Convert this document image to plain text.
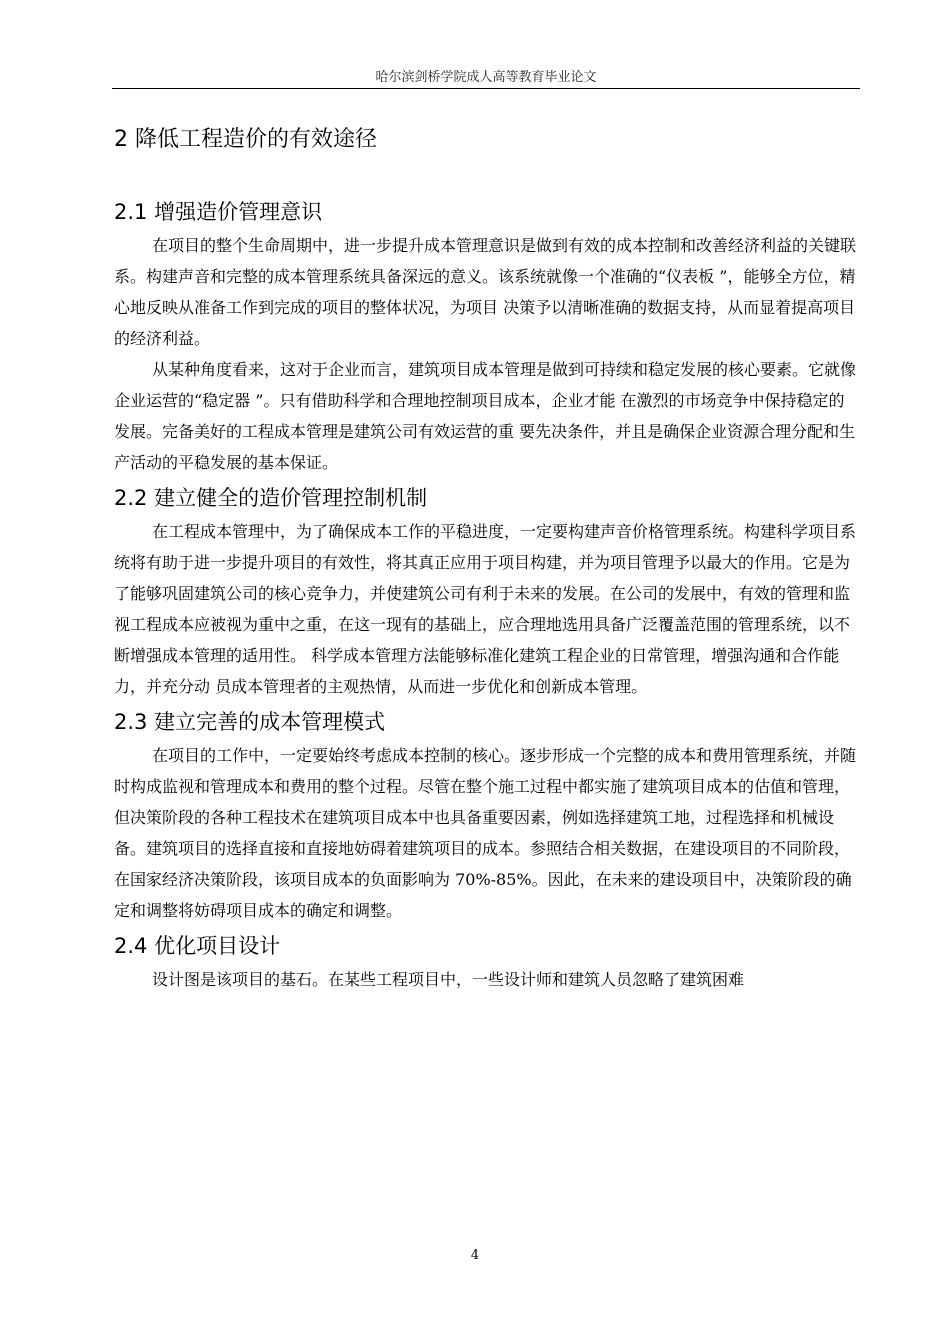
哈尔滨剑桥学院成人高等教育毕业论文
2 降低工程造价的有效途径
2.1 增强造价管理意识

在项目的整个生命周期中，进一步提升成本管理意识是做到有效的成本控制和改善经济利益的关键联系。构建声音和完整的成本管理系统具备深远的意义。该系统就像一个准确的“仪表板 ”，能够全方位，精心地反映从准备工作到完成的项目的整体状况，为项目 决策予以清晰准确的数据支持，从而显着提高项目的经济利益。

从某种角度看来，这对于企业而言，建筑项目成本管理是做到可持续和稳定发展的核心要素。它就像企业运营的“稳定器 ”。只有借助科学和合理地控制项目成本，企业才能 在激烈的市场竞争中保持稳定的发展。完备美好的工程成本管理是建筑公司有效运营的重 要先决条件，并且是确保企业资源合理分配和生产活动的平稳发展的基本保证。

2.2 建立健全的造价管理控制机制

在工程成本管理中，为了确保成本工作的平稳进度，一定要构建声音价格管理系统。构建科学项目系统将有助于进一步提升项目的有效性，将其真正应用于项目构建，并为项目管理予以最大的作用。它是为了能够巩固建筑公司的核心竞争力，并使建筑公司有利于未来的发展。在公司的发展中，有效的管理和监视工程成本应被视为重中之重，在这一现有的基础上，应合理地选用具备广泛覆盖范围的管理系统，以不断增强成本管理的适用性。 科学成本管理方法能够标准化建筑工程企业的日常管理，增强沟通和合作能力，并充分动 员成本管理者的主观热情，从而进一步优化和创新成本管理。

2.3 建立完善的成本管理模式

在项目的工作中，一定要始终考虑成本控制的核心。逐步形成一个完整的成本和费用管理系统，并随时构成监视和管理成本和费用的整个过程。尽管在整个施工过程中都实施了建筑项目成本的估值和管理，但决策阶段的各种工程技术在建筑项目成本中也具备重要因素，例如选择建筑工地，过程选择和机械设备。建筑项目的选择直接和直接地妨碍着建筑项目的成本。参照结合相关数据，在建设项目的不同阶段，在国家经济决策阶段，该项目成本的负面影响为 70%-85%。因此，在未来的建设项目中，决策阶段的确定和调整将妨碍项目成本的确定和调整。

2.4 优化项目设计

设计图是该项目的基石。在某些工程项目中，一些设计师和建筑人员忽略了建筑困难

4
